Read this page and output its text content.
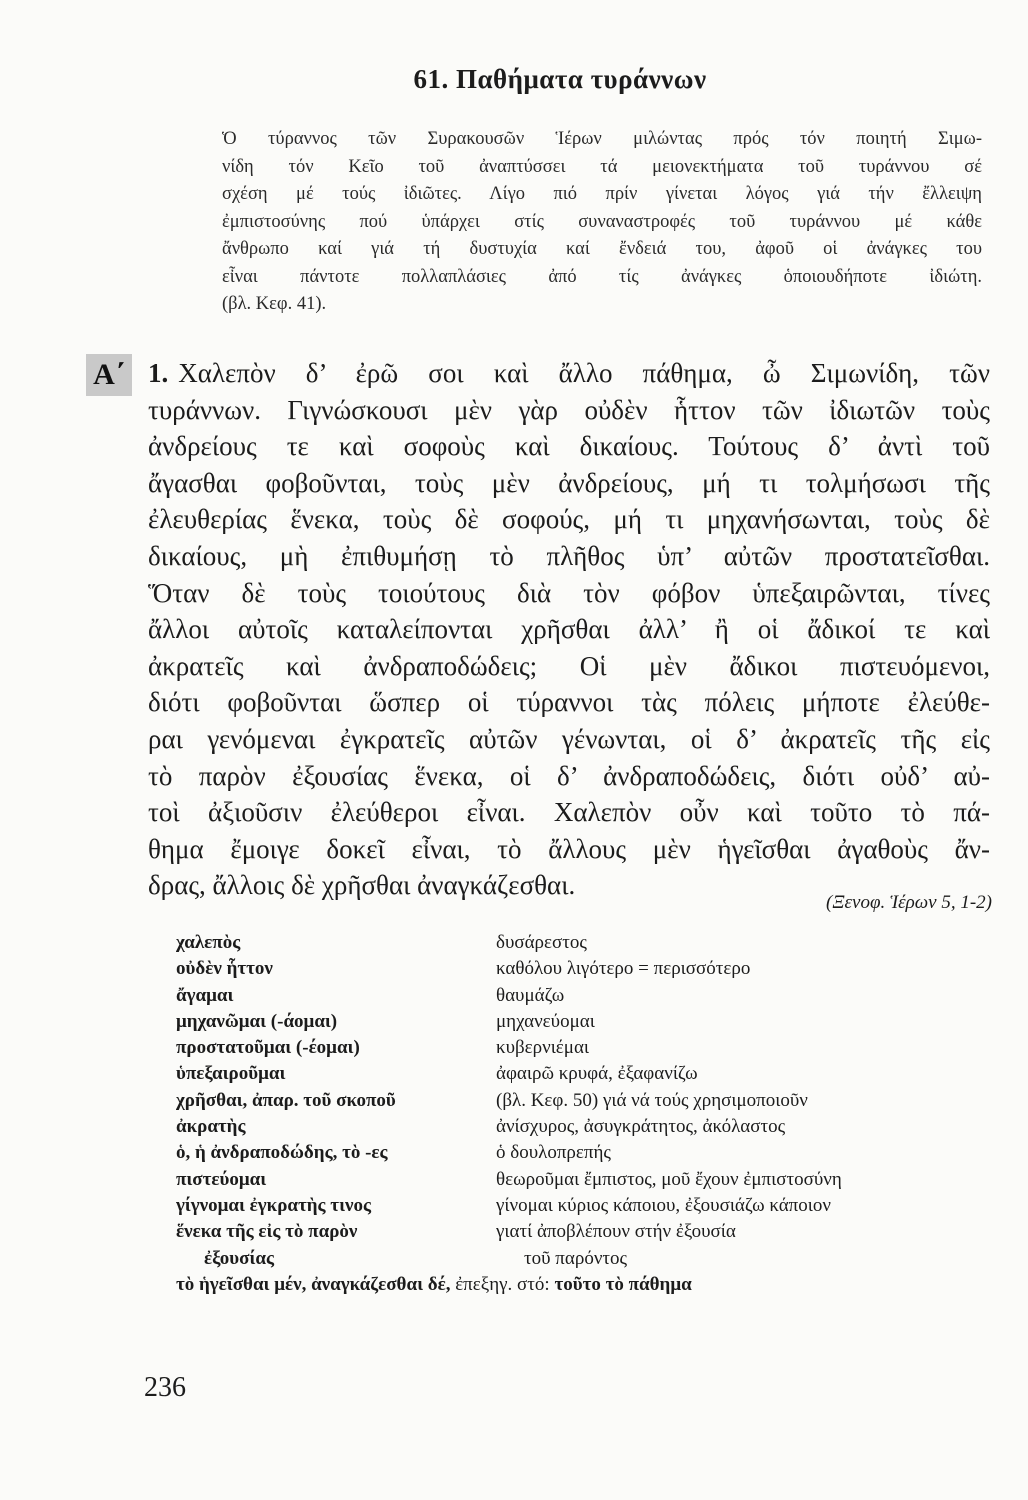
61. Παθήματα τυράννων
Ὁ τύραννος τῶν Συρακουσῶν Ἱέρων μιλώντας πρός τόν ποιητή Σιμω-
νίδη τόν Κεῖο τοῦ ἀναπτύσσει τά μειονεκτήματα τοῦ τυράννου σέ
σχέση μέ τούς ἰδιῶτες. Λίγο πιό πρίν γίνεται λόγος γιά τήν ἔλλειψη
ἐμπιστοσύνης πού ὑπάρχει στίς συναναστροφές τοῦ τυράννου μέ κάθε
ἄνθρωπο καί γιά τή δυστυχία καί ἔνδειά του, ἀφοῦ οἱ ἀνάγκες του
εἶναι πάντοτε πολλαπλάσιες ἀπό τίς ἀνάγκες ὁποιουδήποτε ἰδιώτη.
(βλ. Κεφ. 41).
Α΄ 1. Χαλεπὸν δ’ ἐρῶ σοι καὶ ἄλλο πάθημα, ὦ Σιμωνίδη, τῶν
τυράννων. Γιγνώσκουσι μὲν γὰρ οὐδὲν ἧττον τῶν ἰδιωτῶν τοὺς
ἀνδρείους τε καὶ σοφοὺς καὶ δικαίους. Τούτους δ’ ἀντὶ τοῦ
ἄγασθαι φοβοῦνται, τοὺς μὲν ἀνδρείους, μή τι τολμήσωσι τῆς
ἐλευθερίας ἕνεκα, τοὺς δὲ σοφούς, μή τι μηχανήσωνται, τοὺς δὲ
δικαίους, μὴ ἐπιθυμήσῃ τὸ πλῆθος ὑπ’ αὐτῶν προστατεῖσθαι.
Ὅταν δὲ τοὺς τοιούτους διὰ τὸν φόβον ὑπεξαιρῶνται, τίνες
ἄλλοι αὐτοῖς καταλείπονται χρῆσθαι ἀλλ’ ἢ οἱ ἄδικοί τε καὶ
ἀκρατεῖς καὶ ἀνδραποδώδεις; Οἱ μὲν ἄδικοι πιστευόμενοι,
διότι φοβοῦνται ὥσπερ οἱ τύραννοι τὰς πόλεις μήποτε ἐλεύθε-
ραι γενόμεναι ἐγκρατεῖς αὐτῶν γένωνται, οἱ δ’ ἀκρατεῖς τῆς εἰς
τὸ παρὸν ἐξουσίας ἕνεκα, οἱ δ’ ἀνδραποδώδεις, διότι οὐδ’ αὐ-
τοὶ ἀξιοῦσιν ἐλεύθεροι εἶναι. Χαλεπὸν οὖν καὶ τοῦτο τὸ πά-
θημα ἔμοιγε δοκεῖ εἶναι, τὸ ἄλλους μὲν ἡγεῖσθαι ἀγαθοὺς ἄν-
δρας, ἄλλοις δὲ χρῆσθαι ἀναγκάζεσθαι.
(Ξενοφ. Ἱέρων 5, 1-2)
χαλεπὸς	δυσάρεστος
οὐδὲν ἧττον	καθόλου λιγότερο = περισσότερο
ἄγαμαι	θαυμάζω
μηχανῶμαι (-άομαι)	μηχανεύομαι
προστατοῦμαι (-έομαι)	κυβερνιέμαι
ὑπεξαιροῦμαι	ἀφαιρῶ κρυφά, ἐξαφανίζω
χρῆσθαι, ἀπαρ. τοῦ σκοποῦ	(βλ. Κεφ. 50) γιά νά τούς χρησιμοποιοῦν
ἀκρατὴς	ἀνίσχυρος, ἀσυγκράτητος, ἀκόλαστος
ὁ, ἡ ἀνδραποδώδης, τὸ -ες	ὁ δουλοπρεπής
πιστεύομαι	θεωροῦμαι ἔμπιστος, μοῦ ἔχουν ἐμπιστοσύνη
γίγνομαι ἐγκρατὴς τινος	γίνομαι κύριος κάποιου, ἐξουσιάζω κάποιον
ἕνεκα τῆς εἰς τὸ παρὸν	γιατί ἀποβλέπουν στήν ἐξουσία
ἐξουσίας	τοῦ παρόντος
τὸ ἡγεῖσθαι μέν, ἀναγκάζεσθαι δέ, ἐπεξηγ. στό: τοῦτο τὸ πάθημα
236
